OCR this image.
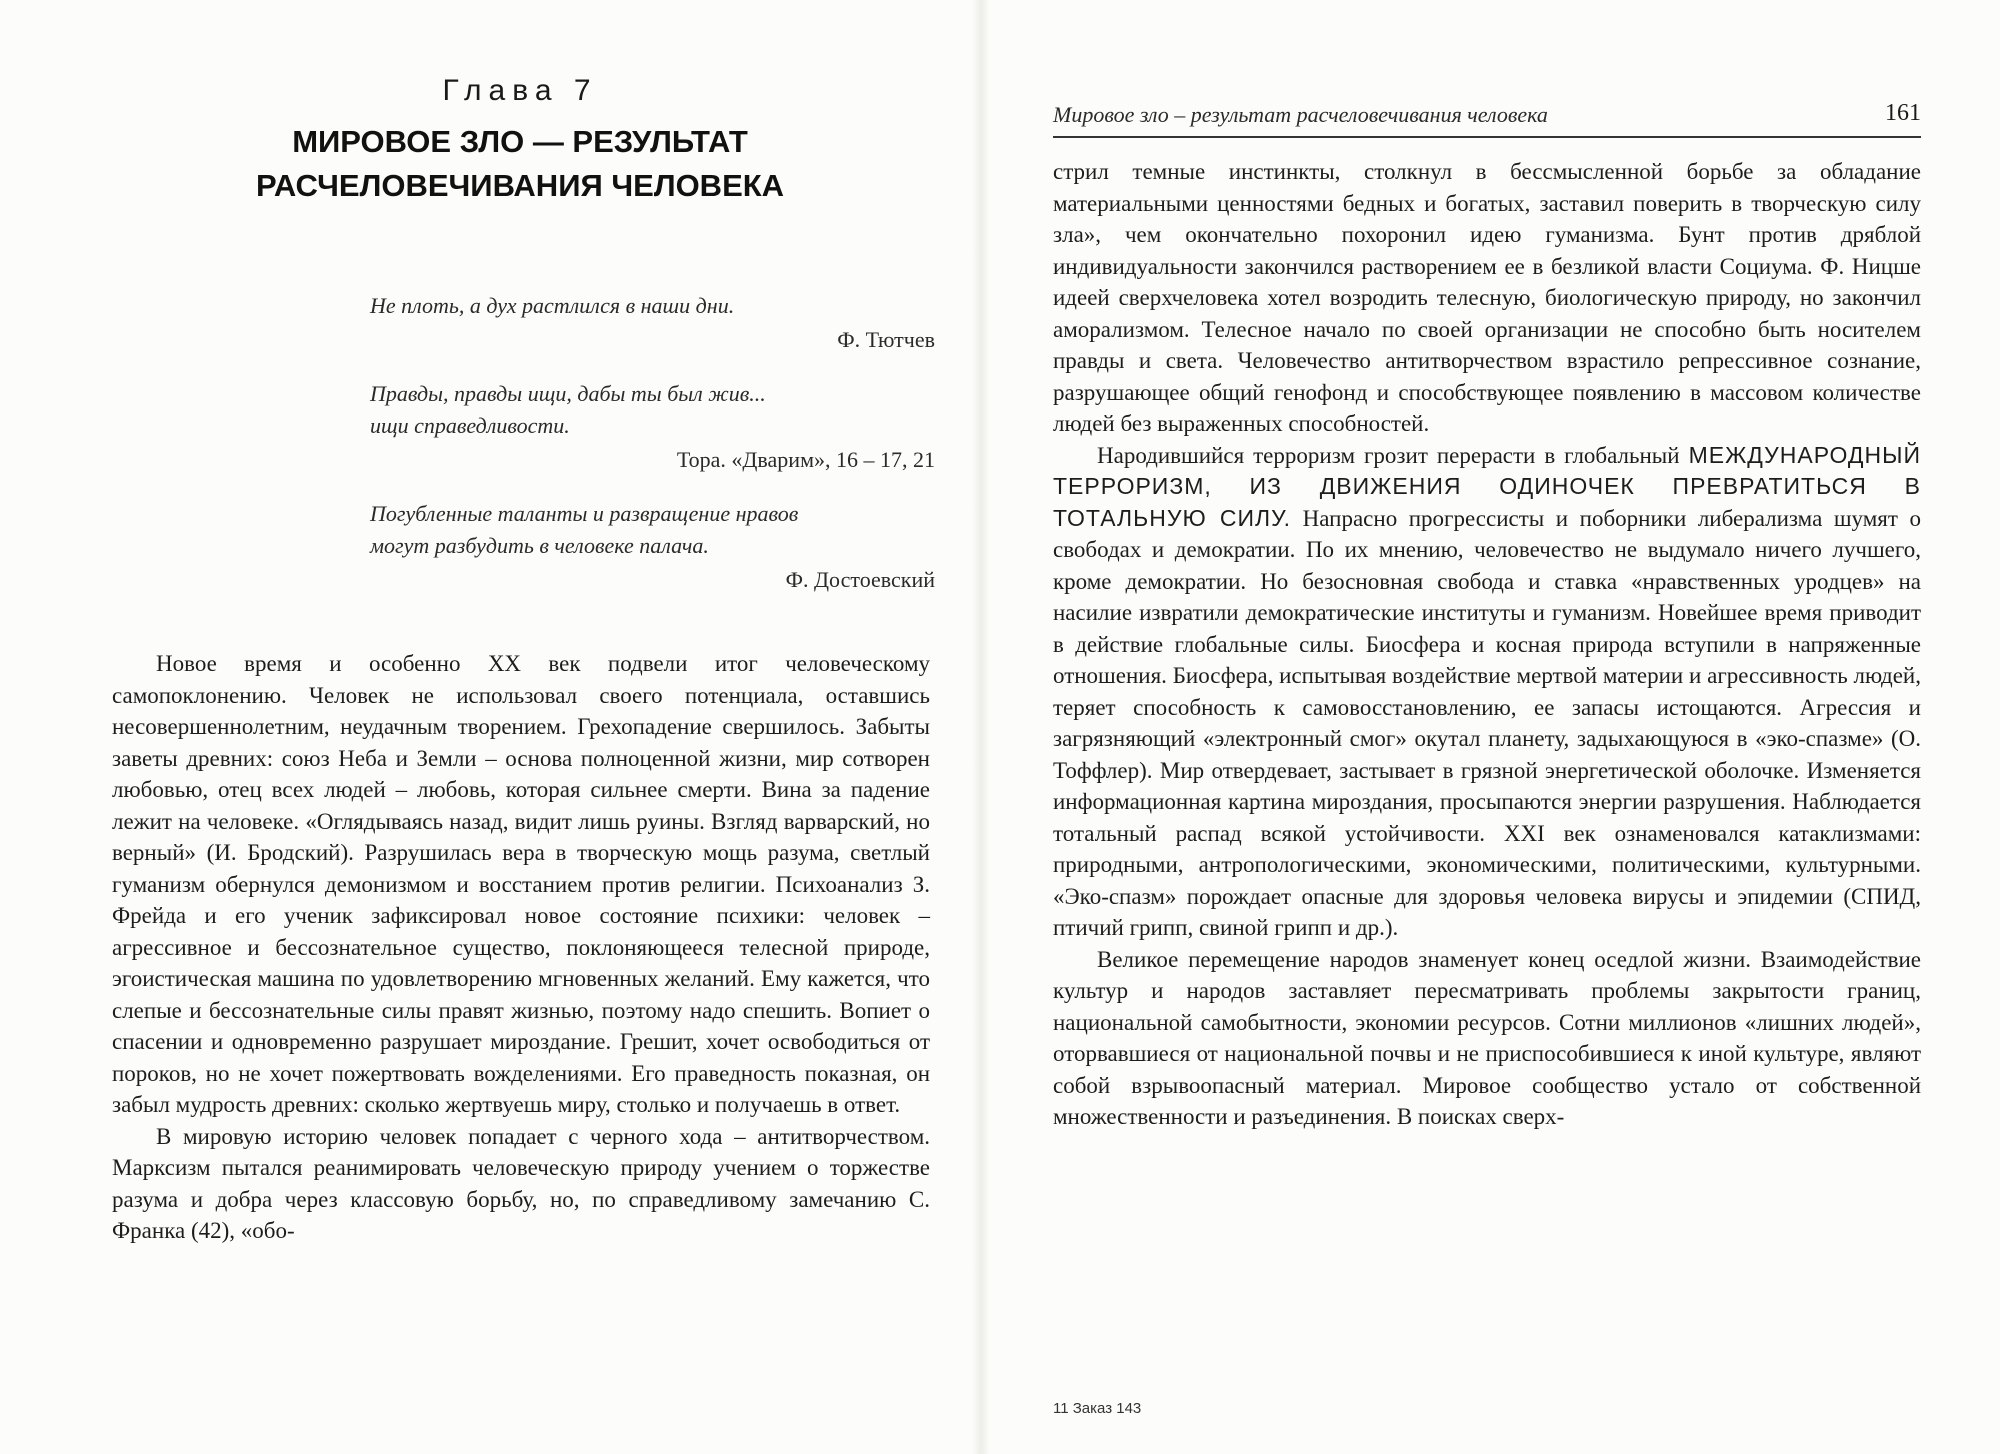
Глава 7
МИРОВОЕ ЗЛО — РЕЗУЛЬТАТ РАСЧЕЛОВЕЧИВАНИЯ ЧЕЛОВЕКА
Не плоть, а дух растлился в наши дни.
Ф. Тютчев
Правды, правды ищи, дабы ты был жив...
ищи справедливости.
Тора. «Дварим», 16 – 17, 21
Погубленные таланты и развращение нравов
могут разбудить в человеке палача.
Ф. Достоевский

Новое время и особенно XX век подвели итог человеческому самопоклонению. Человек не использовал своего потенциала, оставшись несовершеннолетним, неудачным творением. Грехопадение свершилось. Забыты заветы древних: союз Неба и Земли – основа полноценной жизни, мир сотворен любовью, отец всех людей – любовь, которая сильнее смерти. Вина за падение лежит на человеке. «Оглядываясь назад, видит лишь руины. Взгляд варварский, но верный» (И. Бродский). Разрушилась вера в творческую мощь разума, светлый гуманизм обернулся демонизмом и восстанием против религии. Психоанализ З. Фрейда и его ученик зафиксировал новое состояние психики: человек – агрессивное и бессознательное существо, поклоняющееся телесной природе, эгоистическая машина по удовлетворению мгновенных желаний. Ему кажется, что слепые и бессознательные силы правят жизнью, поэтому надо спешить. Вопиет о спасении и одновременно разрушает мироздание. Грешит, хочет освободиться от пороков, но не хочет пожертвовать вожделениями. Его праведность показная, он забыл мудрость древних: сколько жертвуешь миру, столько и получаешь в ответ.

В мировую историю человек попадает с черного хода – антитворчеством. Марксизм пытался реанимировать человеческую природу учением о торжестве разума и добра через классовую борьбу, но, по справедливому замечанию С. Франка (42), «обо-

Мировое зло – результат расчеловечивания человека	161

стрил темные инстинкты, столкнул в бессмысленной борьбе за обладание материальными ценностями бедных и богатых, заставил поверить в творческую силу зла», чем окончательно похоронил идею гуманизма. Бунт против дряблой индивидуальности закончился растворением ее в безликой власти Социума. Ф. Ницше идеей сверхчеловека хотел возродить телесную, биологическую природу, но закончил аморализмом. Телесное начало по своей организации не способно быть носителем правды и света. Человечество антитворчеством взрастило репрессивное сознание, разрушающее общий генофонд и способствующее появлению в массовом количестве людей без выраженных способностей.

Народившийся терроризм грозит перерасти в глобальный МЕЖДУНАРОДНЫЙ ТЕРРОРИЗМ, ИЗ ДВИЖЕНИЯ ОДИНОЧЕК ПРЕВРАТИТЬСЯ В ТОТАЛЬНУЮ СИЛУ. Напрасно прогрессисты и поборники либерализма шумят о свободах и демократии. По их мнению, человечество не выдумало ничего лучшего, кроме демократии. Но безосновная свобода и ставка «нравственных уродцев» на насилие извратили демократические институты и гуманизм. Новейшее время приводит в действие глобальные силы. Биосфера и косная природа вступили в напряженные отношения. Биосфера, испытывая воздействие мертвой материи и агрессивность людей, теряет способность к самовосстановлению, ее запасы истощаются. Агрессия и загрязняющий «электронный смог» окутал планету, задыхающуюся в «эко-спазме» (О. Тоффлер). Мир отвердевает, застывает в грязной энергетической оболочке. Изменяется информационная картина мироздания, просыпаются энергии разрушения. Наблюдается тотальный распад всякой устойчивости. XXI век ознаменовался катаклизмами: природными, антропологическими, экономическими, политическими, культурными. «Эко-спазм» порождает опасные для здоровья человека вирусы и эпидемии (СПИД, птичий грипп, свиной грипп и др.).

Великое перемещение народов знаменует конец оседлой жизни. Взаимодействие культур и народов заставляет пересматривать проблемы закрытости границ, национальной самобытности, экономии ресурсов. Сотни миллионов «лишних людей», оторвавшиеся от национальной почвы и не приспособившиеся к иной культуре, являют собой взрывоопасный материал. Мировое сообщество устало от собственной множественности и разъединения. В поисках сверх-

11 Заказ 143
